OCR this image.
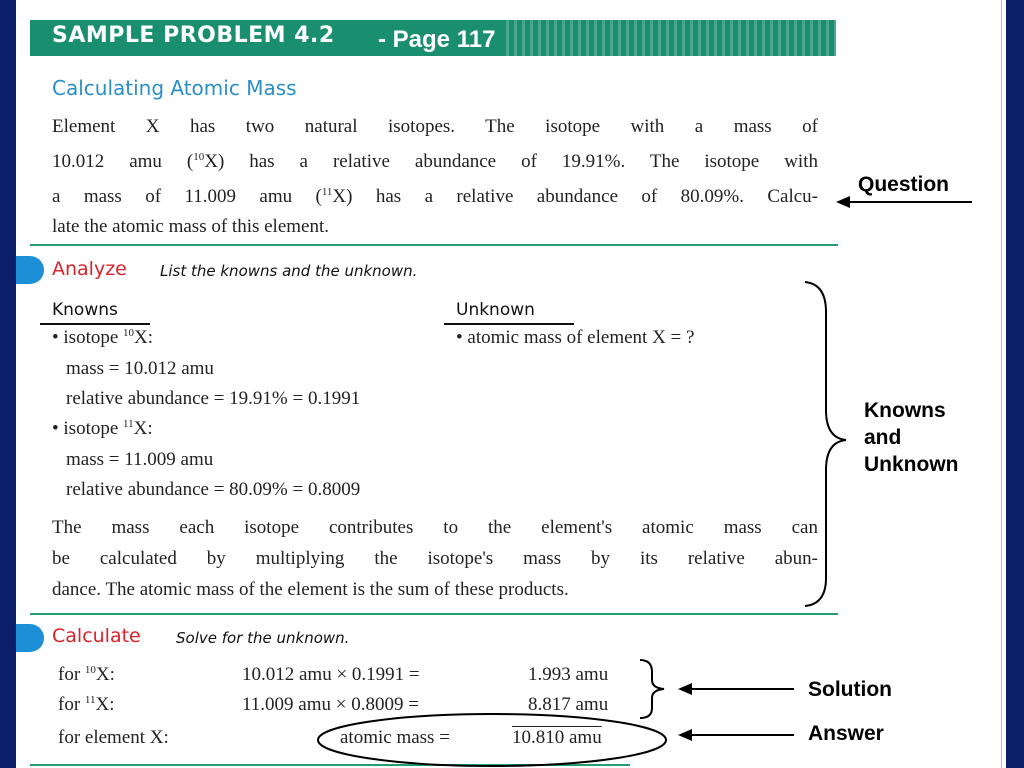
SAMPLE PROBLEM 4.2 - Page 117
Calculating Atomic Mass
Element X has two natural isotopes. The isotope with a mass of
10.012 amu ($^{10}$X) has a relative abundance of 19.91%. The isotope with
a mass of 11.009 amu ($^{11}$X) has a relative abundance of 80.09%. Calcu-
late the atomic mass of this element.
Analyze List the knowns and the unknown.
Knowns	Unknown
• isotope $^{10}$X:
mass = 10.012 amu
relative abundance = 19.91% = 0.1991
• isotope $^{11}$X:
mass = 11.009 amu
relative abundance = 80.09% = 0.8009
• atomic mass of element X = ?
The mass each isotope contributes to the element's atomic mass can
be calculated by multiplying the isotope's mass by its relative abun-
dance. The atomic mass of the element is the sum of these products.
Calculate Solve for the unknown.
for $^{10}$X:	10.012 amu × 0.1991 =	1.993 amu
for $^{11}$X:	11.009 amu × 0.8009 =	8.817 amu
for element X:	atomic mass =	10.810 amu
Question
Knowns
and
Unknown
Solution
Answer
